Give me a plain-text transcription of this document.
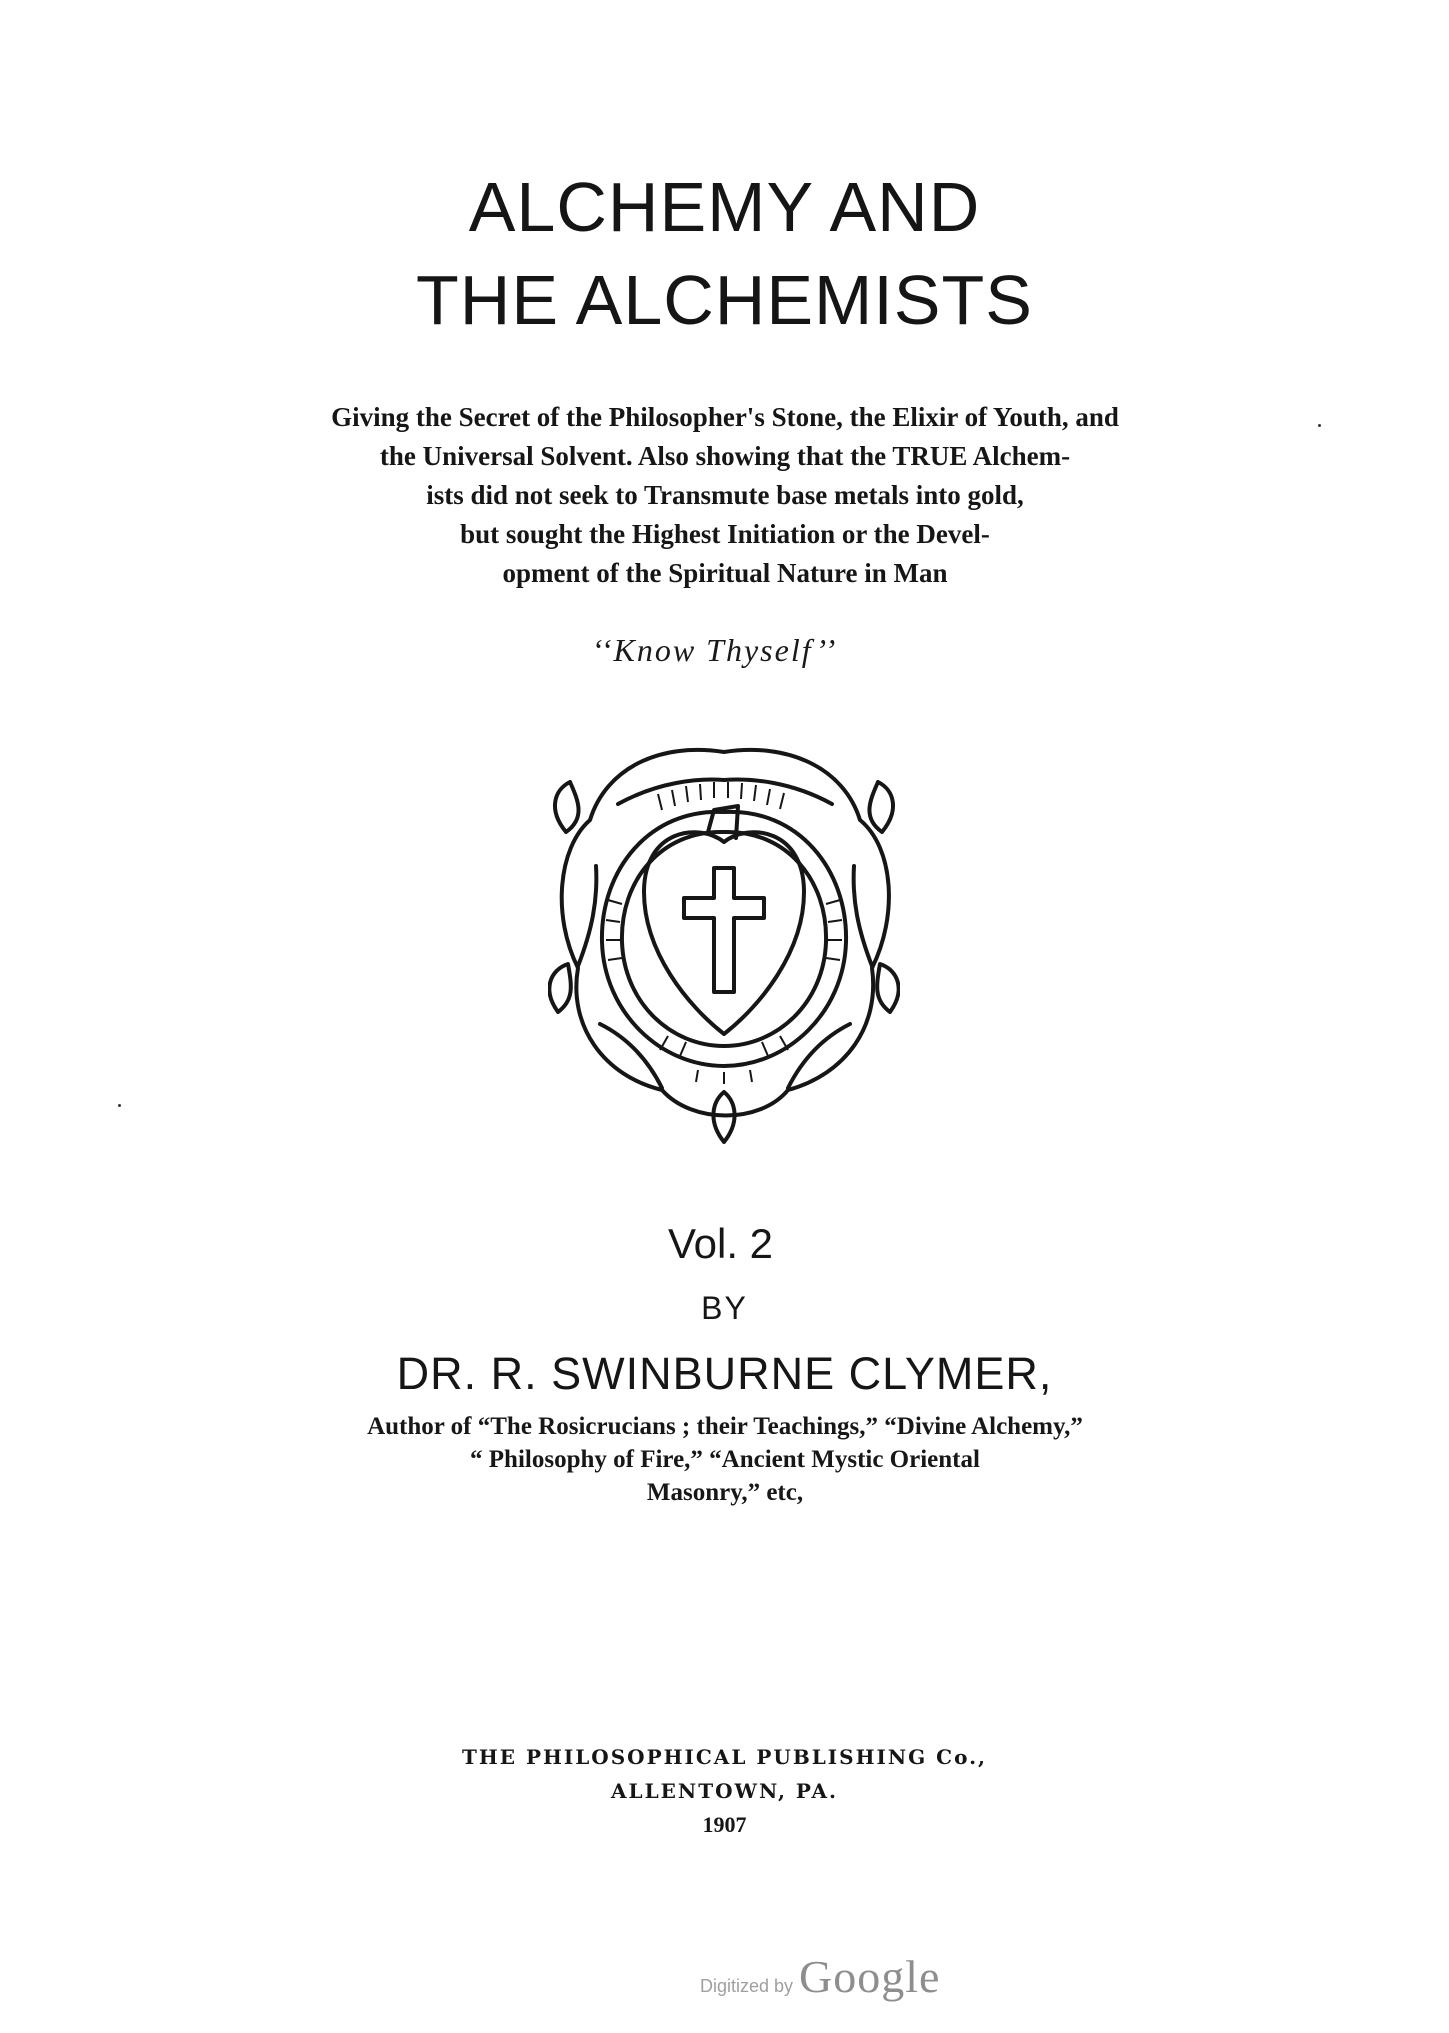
ALCHEMY AND
THE ALCHEMISTS
Giving the Secret of the Philosopher's Stone, the Elixir of Youth, and
the Universal Solvent. Also showing that the TRUE Alchem-
ists did not seek to Transmute base metals into gold,
but sought the Highest Initiation or the Devel-
opment of the Spiritual Nature in Man
‘‘Know Thyself’’
Vol. 2
BY
DR. R. SWINBURNE CLYMER,
Author of “The Rosicrucians ; their Teachings,” “Divine Alchemy,”
“ Philosophy of Fire,” “Ancient Mystic Oriental
Masonry,” etc,
THE PHILOSOPHICAL PUBLISHING Co.,
ALLENTOWN, PA.
1907
Digitized by Google
